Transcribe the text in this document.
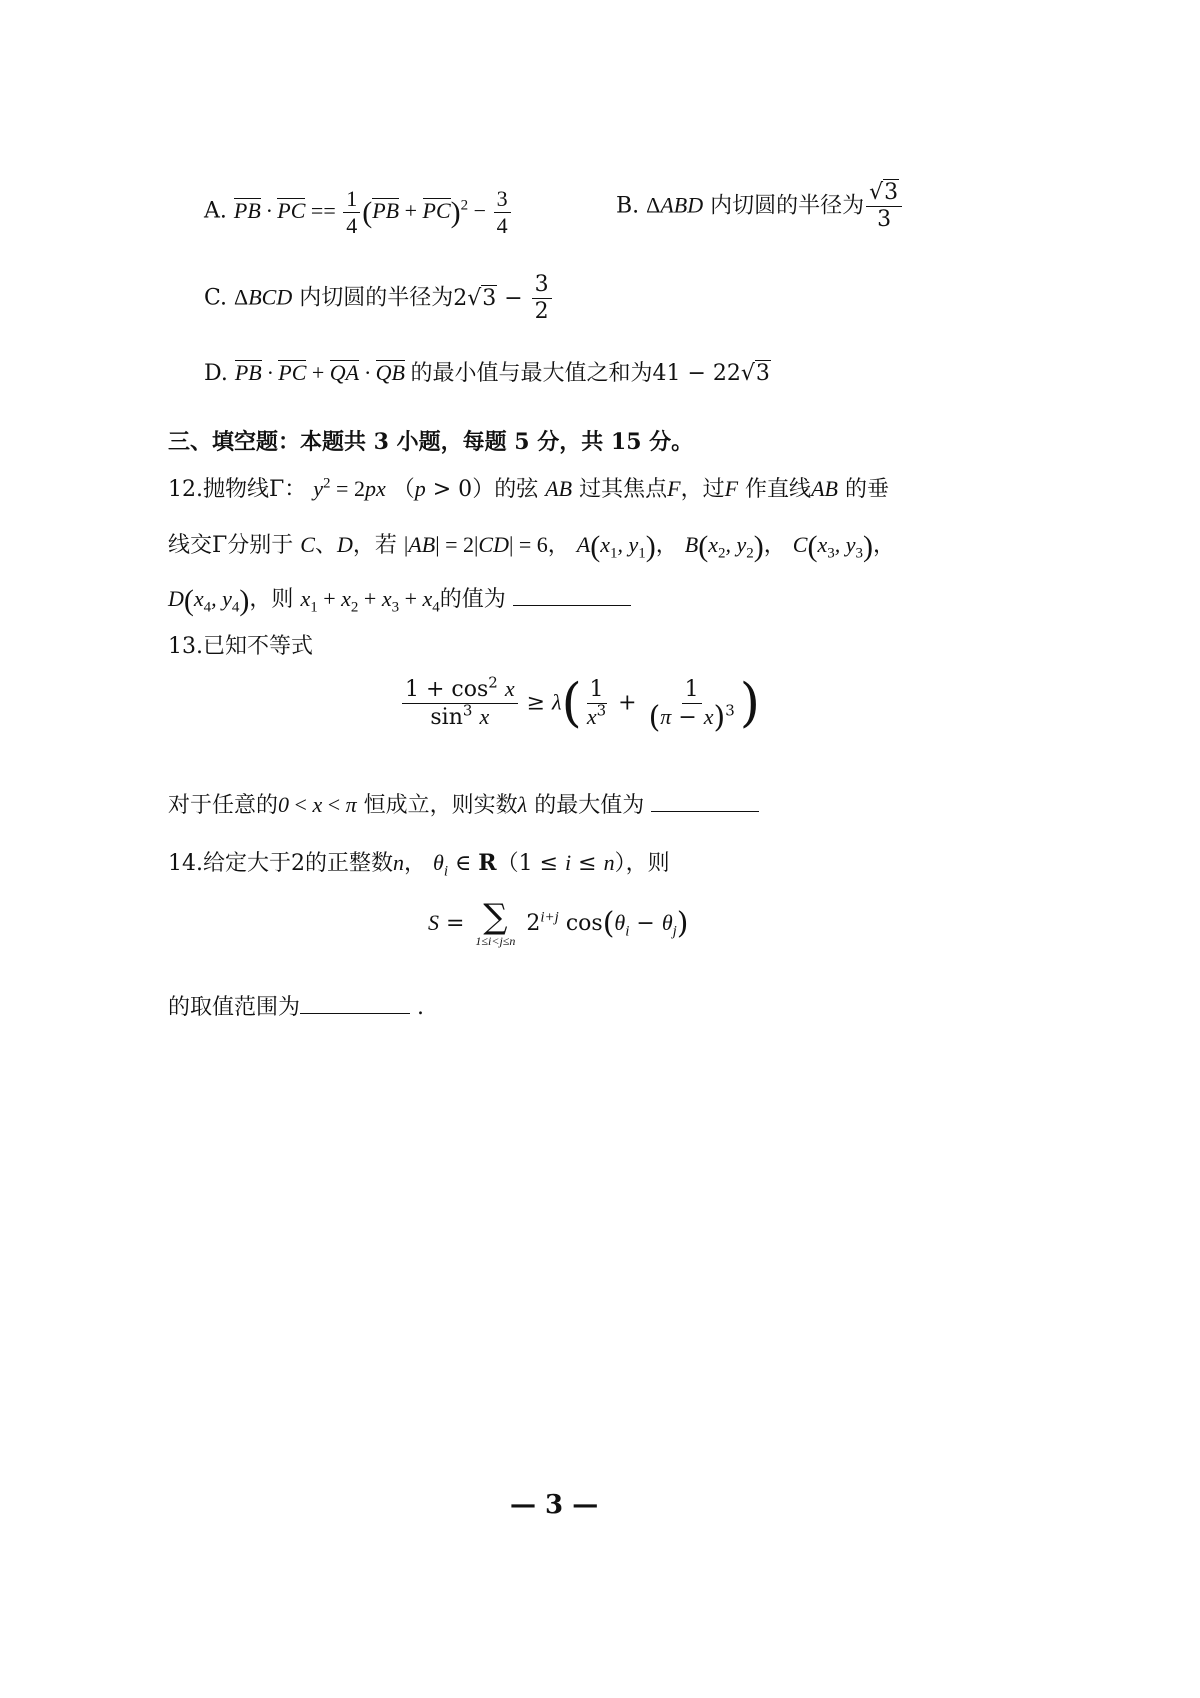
A. PB · PC == $\frac{1}{4} (PB + PC)^2 - \frac{3}{4}$	B. ΔABD 内切圆的半径为 $\frac{√3}{3}$
C. ΔBCD 内切圆的半径为$2√3 - \frac{3}{2}$
D. PB · PC + QA · QB 的最小值与最大值之和为41 − 22√3
三、填空题：本题共 3 小题，每题 5 分，共 15 分。
12.抛物线Γ： $y^2 = 2px$ （p > 0）的弦 AB 过其焦点F，过F 作直线AB 的垂
线交Γ分别于 C、D，若 |AB| = 2|CD| = 6， $A(x_1$, $y_1$)， $B(x_2$, $y_2$)， $C(x_3$, $y_3$)，
$D(x_4$, $y_4$)，则 $x_1 + x_2 + x_3 + x_4$的值为
13.已知不等式
$\frac{1 + \cos^2 x}{\sin^3 x} \ge \lambda( \frac{1}{x^3} + \frac{1}{(\pi - x)^3}$ )
对于任意的0 < x < π 恒成立，则实数λ 的最大值为
14.给定大于2的正整数n， $\theta_i$ ∈ R（1 ≤ i ≤ n），则
S = ∑
1≤i<j≤n
$2^{i+j}$ $\cos(\theta_i - \theta_j)$
的取值范围为	.
— 3 —
